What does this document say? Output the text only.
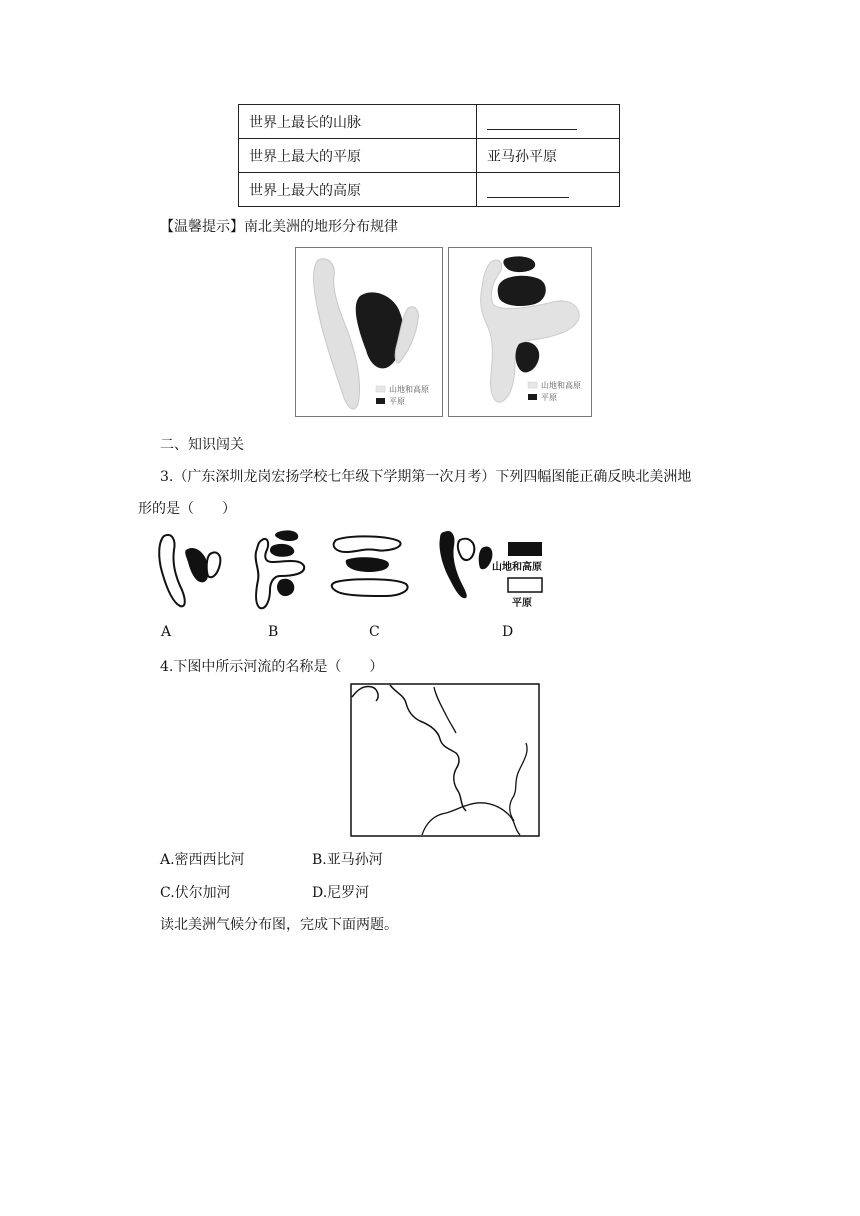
世界上最长的山脉	
世界上最大的平原	亚马孙平原
世界上最大的高原	
【温馨提示】南北美洲的地形分布规律
山地和高原
平原
山地和高原
平原
二、知识闯关
3.（广东深圳龙岗宏扬学校七年级下学期第一次月考）下列四幅图能正确反映北美洲地
形的是（　　）
山地和高原
平原
A	B	C	D
4.下图中所示河流的名称是（　　）
A.密西西比河	B.亚马孙河
C.伏尔加河	D.尼罗河
读北美洲气候分布图，完成下面两题。
